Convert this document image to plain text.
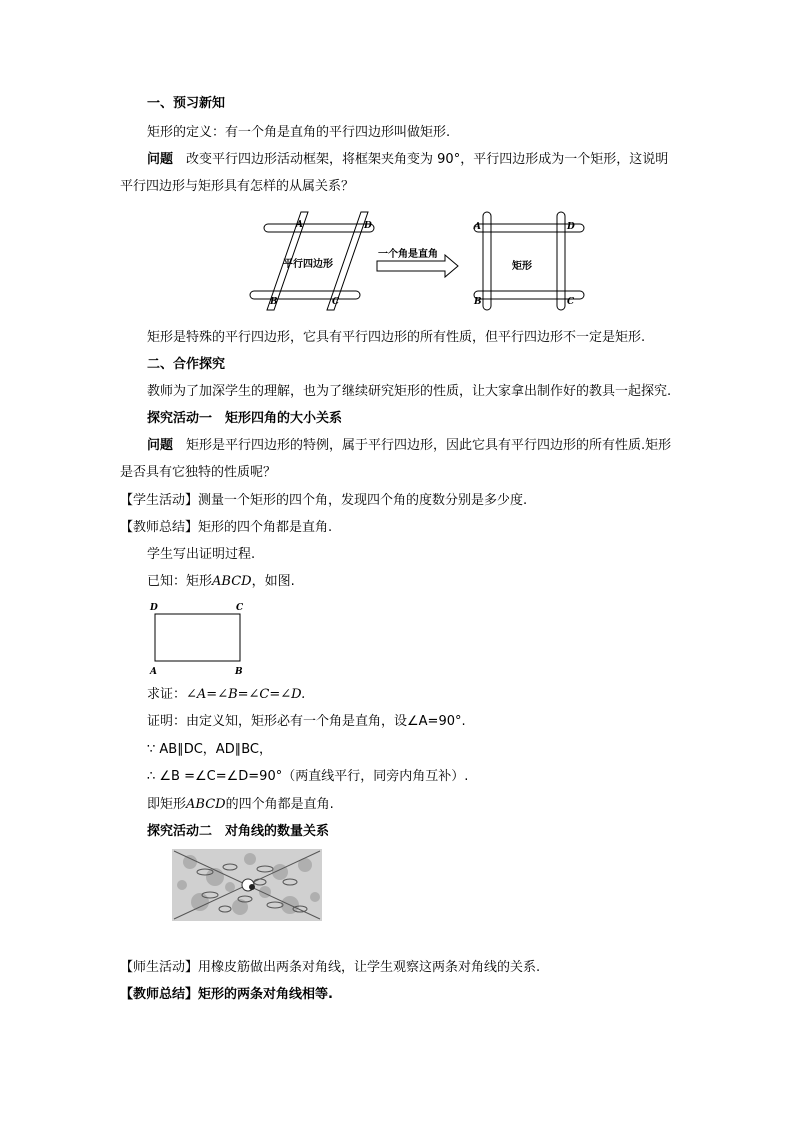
一、预习新知
矩形的定义：有一个角是直角的平行四边形叫做矩形.
问题 改变平行四边形活动框架，将框架夹角变为 90°，平行四边形成为一个矩形，这说明
平行四边形与矩形具有怎样的从属关系？
A	D
B	C
平行四边形
一个角是直角
矩形
A	D
B	C
矩形是特殊的平行四边形，它具有平行四边形的所有性质，但平行四边形不一定是矩形.
二、合作探究
教师为了加深学生的理解，也为了继续研究矩形的性质，让大家拿出制作好的教具一起探究.
探究活动一 矩形四角的大小关系
问题 矩形是平行四边形的特例，属于平行四边形，因此它具有平行四边形的所有性质.矩形
是否具有它独特的性质呢？
【学生活动】测量一个矩形的四个角，发现四个角的度数分别是多少度.
【教师总结】矩形的四个角都是直角.
学生写出证明过程.
已知：矩形ABCD，如图.
D	C
A	B
求证：∠A=∠B=∠C=∠D.
证明：由定义知，矩形必有一个角是直角，设∠A=90°.
∵ AB∥DC，AD∥BC，
∴ ∠B =∠C=∠D=90°（两直线平行，同旁内角互补）.
即矩形ABCD的四个角都是直角.
探究活动二 对角线的数量关系
【师生活动】用橡皮筋做出两条对角线，让学生观察这两条对角线的关系.
【教师总结】矩形的两条对角线相等.
